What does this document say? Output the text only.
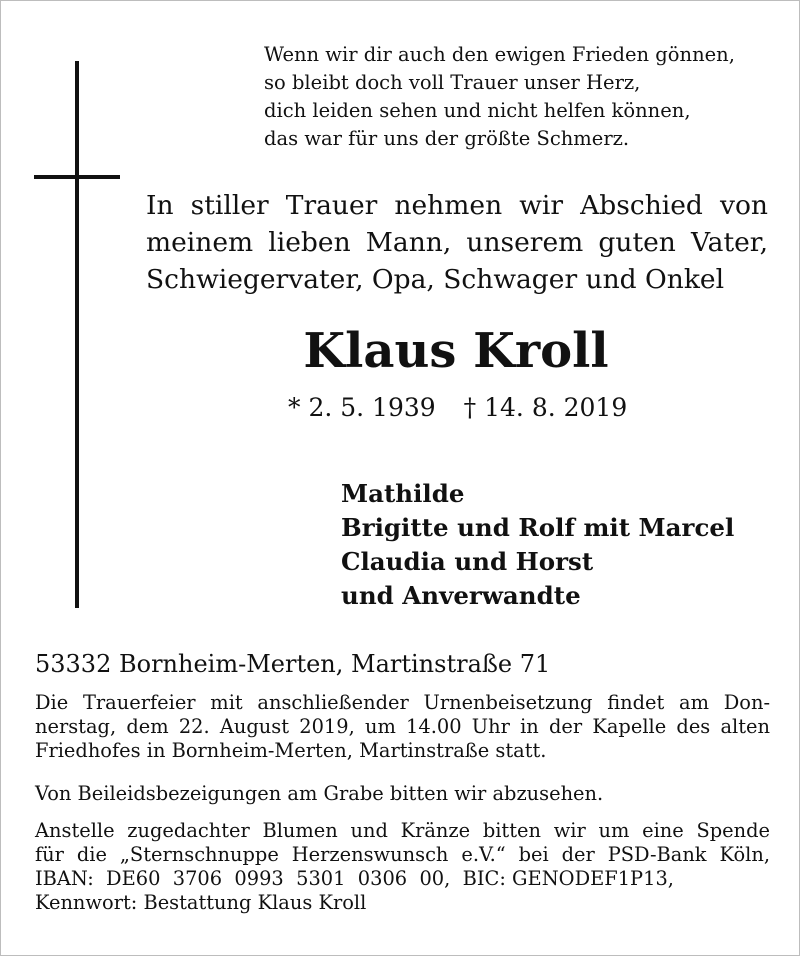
Wenn wir dir auch den ewigen Frieden gönnen,
so bleibt doch voll Trauer unser Herz,
dich leiden sehen und nicht helfen können,
das war für uns der größte Schmerz.
In stiller Trauer nehmen wir Abschied von
meinem lieben Mann, unserem guten Vater,
Schwiegervater, Opa, Schwager und Onkel
Klaus Kroll
* 2. 5. 1939 † 14. 8. 2019
Mathilde
Brigitte und Rolf mit Marcel
Claudia und Horst
und Anverwandte
53332 Bornheim-Merten, Martinstraße 71
Die Trauerfeier mit anschließender Urnenbeisetzung findet am Don-
nerstag, dem 22. August 2019, um 14.00 Uhr in der Kapelle des alten
Friedhofes in Bornheim-Merten, Martinstraße statt.
Von Beileidsbezeigungen am Grabe bitten wir abzusehen.
Anstelle zugedachter Blumen und Kränze bitten wir um eine Spende
für die „Sternschnuppe Herzenswunsch e.V.“ bei der PSD-Bank Köln,
IBAN:  DE60  3706  0993  5301  0306  00,  BIC: GENODEF1P13,
Kennwort: Bestattung Klaus Kroll
